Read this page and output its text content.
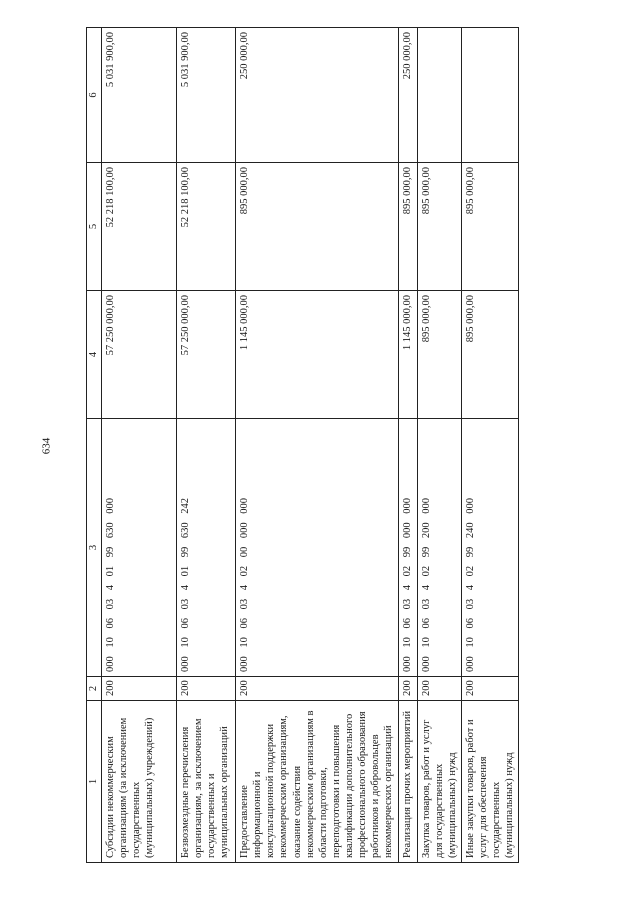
634
1	2	3	4	5	6
Субсидии некоммерческим организациям (за исключением государственных (муниципальных) учреждений)	200	000 10 06 03 4 01 99 630 000	57 250 000,00	52 218 100,00	5 031 900,00
Безвозмездные перечисления организациям, за исключением государственных и муниципальных организаций	200	000 10 06 03 4 01 99 630 242	57 250 000,00	52 218 100,00	5 031 900,00
Предоставление информационной и консультационной поддержки некоммерческим организациям, оказание содействия некоммерческим организациям в области подготовки, переподготовки и повышения квалификации дополнительного профессионального образования работников и добровольцев некоммерческих организаций	200	000 10 06 03 4 02 00 000 000	1 145 000,00	895 000,00	250 000,00
Реализация прочих мероприятий	200	000 10 06 03 4 02 99 000 000	1 145 000,00	895 000,00	250 000,00
Закупка товаров, работ и услуг для государственных (муниципальных) нужд	200	000 10 06 03 4 02 99 200 000	895 000,00	895 000,00	
Иные закупки товаров, работ и услуг для обеспечения государственных (муниципальных) нужд	200	000 10 06 03 4 02 99 240 000	895 000,00	895 000,00	
